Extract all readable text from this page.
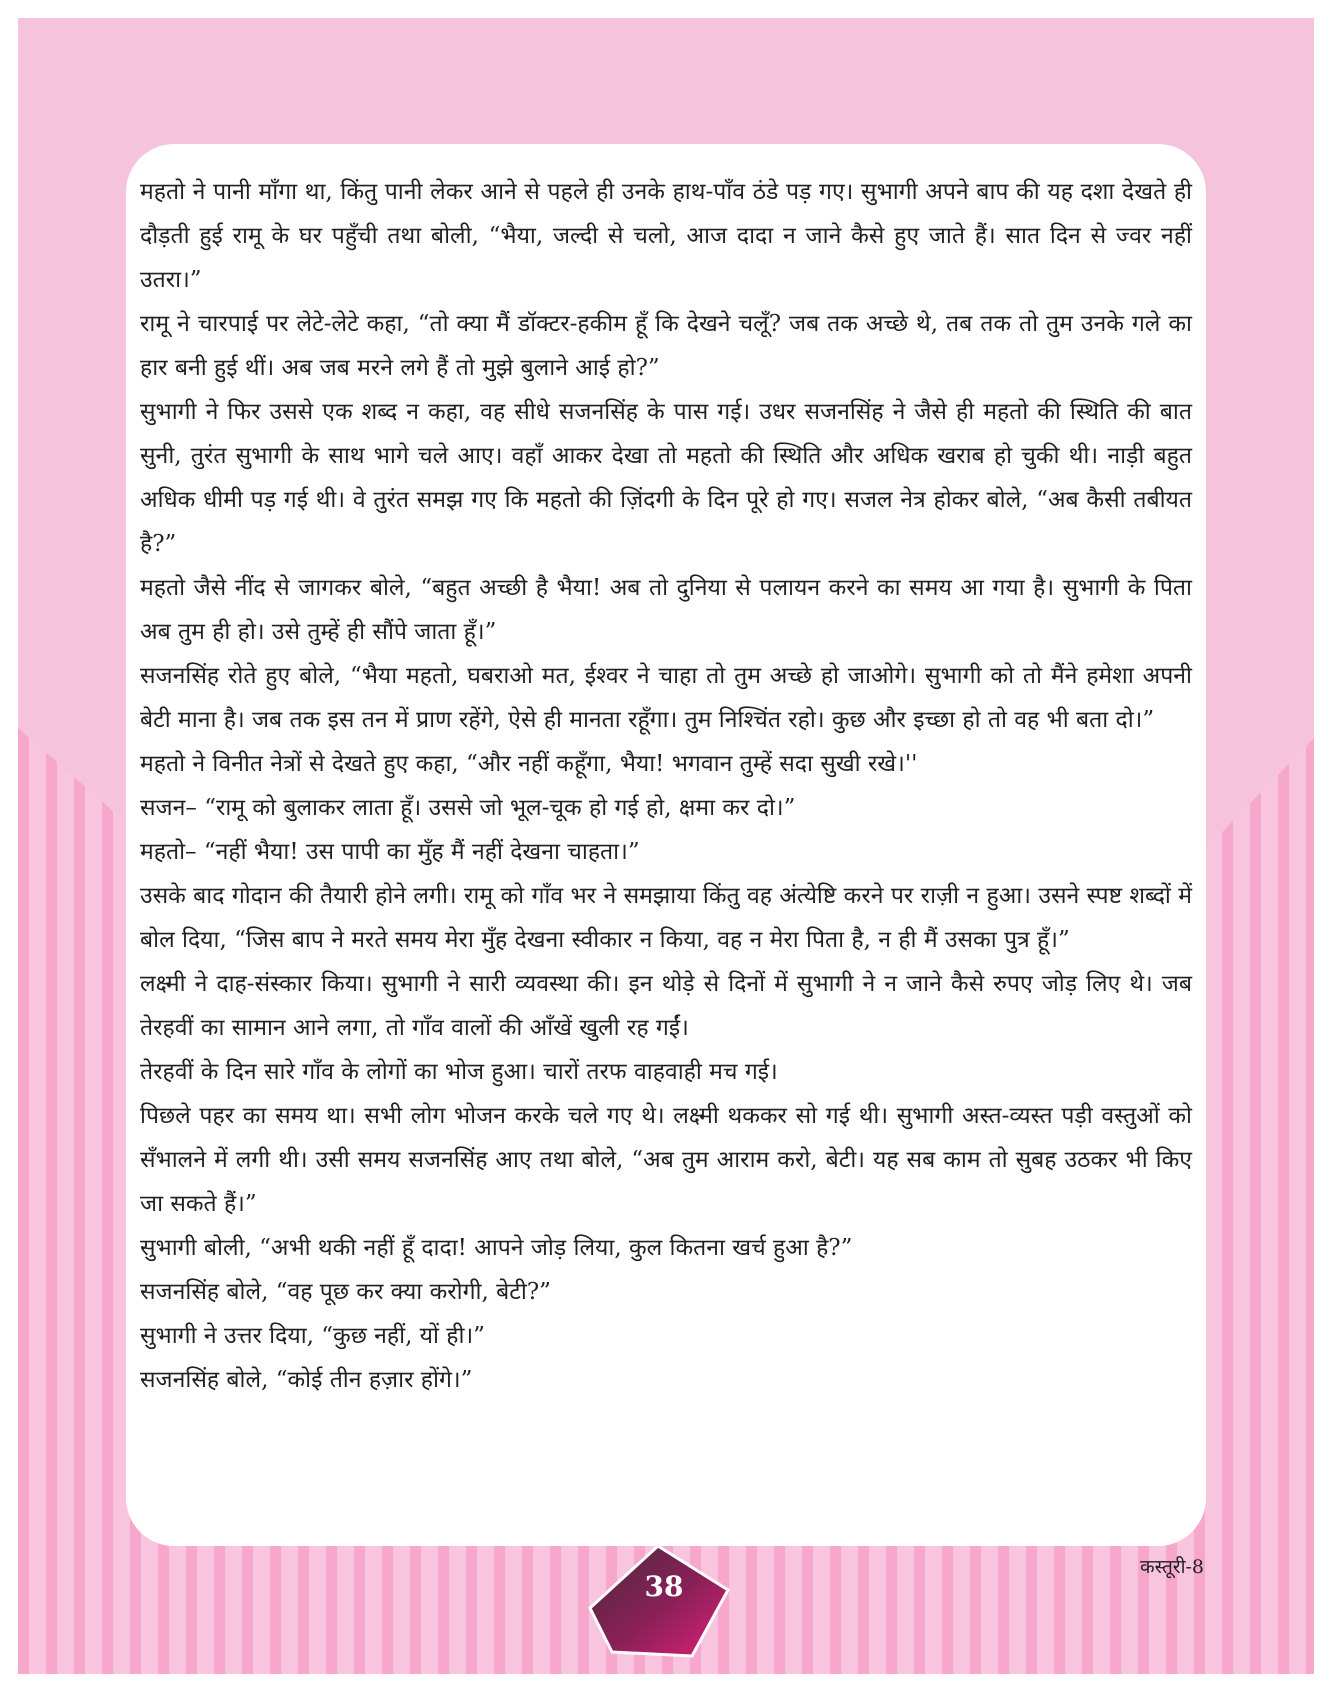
महतो ने पानी माँगा था, किंतु पानी लेकर आने से पहले ही उनके हाथ-पाँव ठंडे पड़ गए। सुभागी अपने बाप की यह दशा देखते ही दौड़ती हुई रामू के घर पहुँची तथा बोली, “भैया, जल्दी से चलो, आज दादा न जाने कैसे हुए जाते हैं। सात दिन से ज्वर नहीं उतरा।”

रामू ने चारपाई पर लेटे-लेटे कहा, “तो क्या मैं डॉक्टर-हकीम हूँ कि देखने चलूँ? जब तक अच्छे थे, तब तक तो तुम उनके गले का हार बनी हुई थीं। अब जब मरने लगे हैं तो मुझे बुलाने आई हो?”

सुभागी ने फिर उससे एक शब्द न कहा, वह सीधे सजनसिंह के पास गई। उधर सजनसिंह ने जैसे ही महतो की स्थिति की बात सुनी, तुरंत सुभागी के साथ भागे चले आए। वहाँ आकर देखा तो महतो की स्थिति और अधिक खराब हो चुकी थी। नाड़ी बहुत अधिक धीमी पड़ गई थी। वे तुरंत समझ गए कि महतो की ज़िंदगी के दिन पूरे हो गए। सजल नेत्र होकर बोले, “अब कैसी तबीयत है?”

महतो जैसे नींद से जागकर बोले, “बहुत अच्छी है भैया! अब तो दुनिया से पलायन करने का समय आ गया है। सुभागी के पिता अब तुम ही हो। उसे तुम्हें ही सौंपे जाता हूँ।”

सजनसिंह रोते हुए बोले, “भैया महतो, घबराओ मत, ईश्वर ने चाहा तो तुम अच्छे हो जाओगे। सुभागी को तो मैंने हमेशा अपनी बेटी माना है। जब तक इस तन में प्राण रहेंगे, ऐसे ही मानता रहूँगा। तुम निश्चिंत रहो। कुछ और इच्छा हो तो वह भी बता दो।”

महतो ने विनीत नेत्रों से देखते हुए कहा, “और नहीं कहूँगा, भैया! भगवान तुम्हें सदा सुखी रखे।''

सजन– “रामू को बुलाकर लाता हूँ। उससे जो भूल-चूक हो गई हो, क्षमा कर दो।”

महतो– “नहीं भैया! उस पापी का मुँह मैं नहीं देखना चाहता।”

उसके बाद गोदान की तैयारी होने लगी। रामू को गाँव भर ने समझाया किंतु वह अंत्येष्टि करने पर राज़ी न हुआ। उसने स्पष्ट शब्दों में बोल दिया, “जिस बाप ने मरते समय मेरा मुँह देखना स्वीकार न किया, वह न मेरा पिता है, न ही मैं उसका पुत्र हूँ।”

लक्ष्मी ने दाह-संस्कार किया। सुभागी ने सारी व्यवस्था की। इन थोड़े से दिनों में सुभागी ने न जाने कैसे रुपए जोड़ लिए थे। जब तेरहवीं का सामान आने लगा, तो गाँव वालों की आँखें खुली रह गईं।

तेरहवीं के दिन सारे गाँव के लोगों का भोज हुआ। चारों तरफ वाहवाही मच गई।

पिछले पहर का समय था। सभी लोग भोजन करके चले गए थे। लक्ष्मी थककर सो गई थी। सुभागी अस्त-व्यस्त पड़ी वस्तुओं को सँभालने में लगी थी। उसी समय सजनसिंह आए तथा बोले, “अब तुम आराम करो, बेटी। यह सब काम तो सुबह उठकर भी किए जा सकते हैं।”

सुभागी बोली, “अभी थकी नहीं हूँ दादा! आपने जोड़ लिया, कुल कितना खर्च हुआ है?”

सजनसिंह बोले, “वह पूछ कर क्या करोगी, बेटी?”

सुभागी ने उत्तर दिया, “कुछ नहीं, यों ही।”

सजनसिंह बोले, “कोई तीन हज़ार होंगे।”

कस्तूरी-8
38
